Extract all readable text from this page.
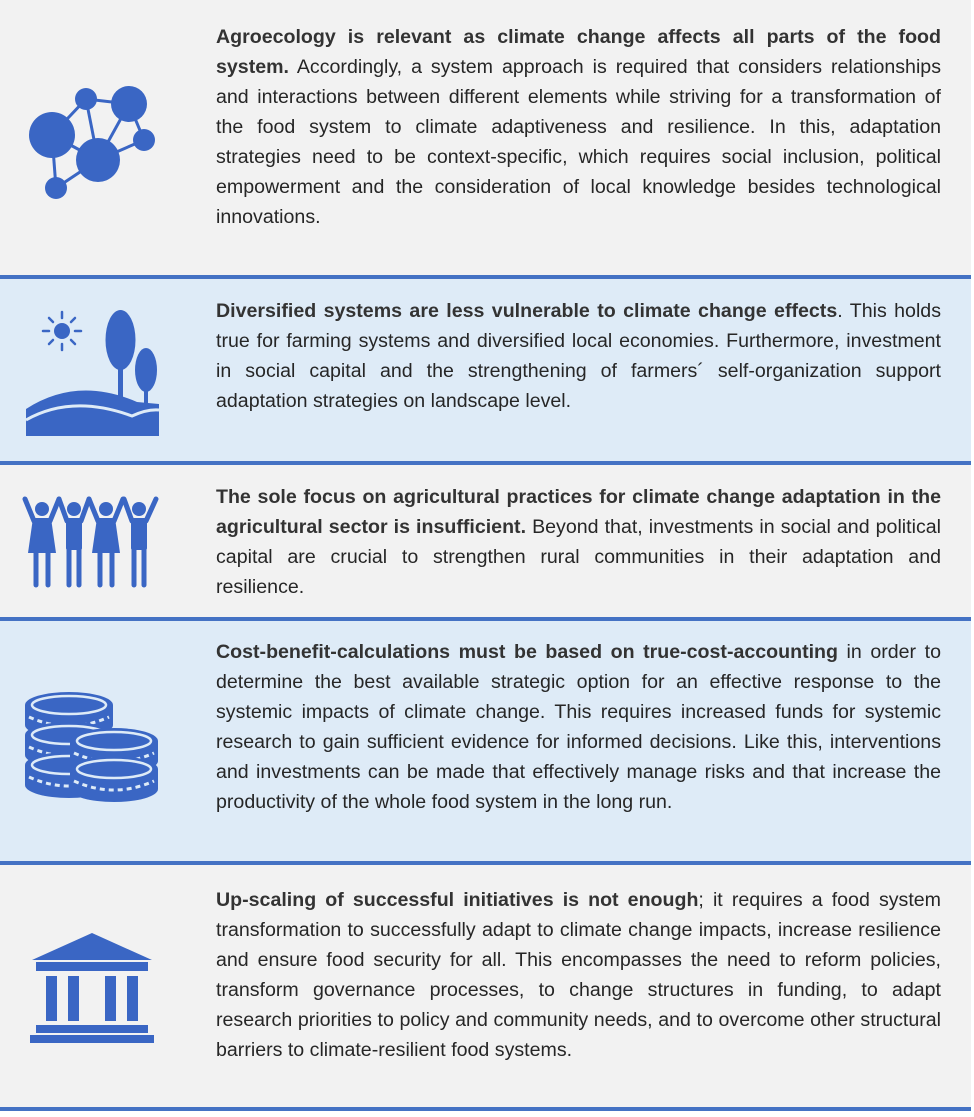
Agroecology is relevant as climate change affects all parts of the food system. Accordingly, a system approach is required that considers relationships and interactions between different elements while striving for a transformation of the food system to climate adaptiveness and resilience. In this, adaptation strategies need to be context-specific, which requires social inclusion, political empowerment and the consideration of local knowledge besides technological innovations.

Diversified systems are less vulnerable to climate change effects. This holds true for farming systems and diversified local economies. Furthermore, investment in social capital and the strengthening of farmers´ self-organization support adaptation strategies on landscape level.

The sole focus on agricultural practices for climate change adaptation in the agricultural sector is insufficient. Beyond that, investments in social and political capital are crucial to strengthen rural communities in their adaptation and resilience.

Cost-benefit-calculations must be based on true-cost-accounting in order to determine the best available strategic option for an effective response to the systemic impacts of climate change. This requires increased funds for systemic research to gain sufficient evidence for informed decisions. Like this, interventions and investments can be made that effectively manage risks and that increase the productivity of the whole food system in the long run.

Up-scaling of successful initiatives is not enough; it requires a food system transformation to successfully adapt to climate change impacts, increase resilience and ensure food security for all. This encompasses the need to reform policies, transform governance processes, to change structures in funding, to adapt research priorities to policy and community needs, and to overcome other structural barriers to climate-resilient food systems.
